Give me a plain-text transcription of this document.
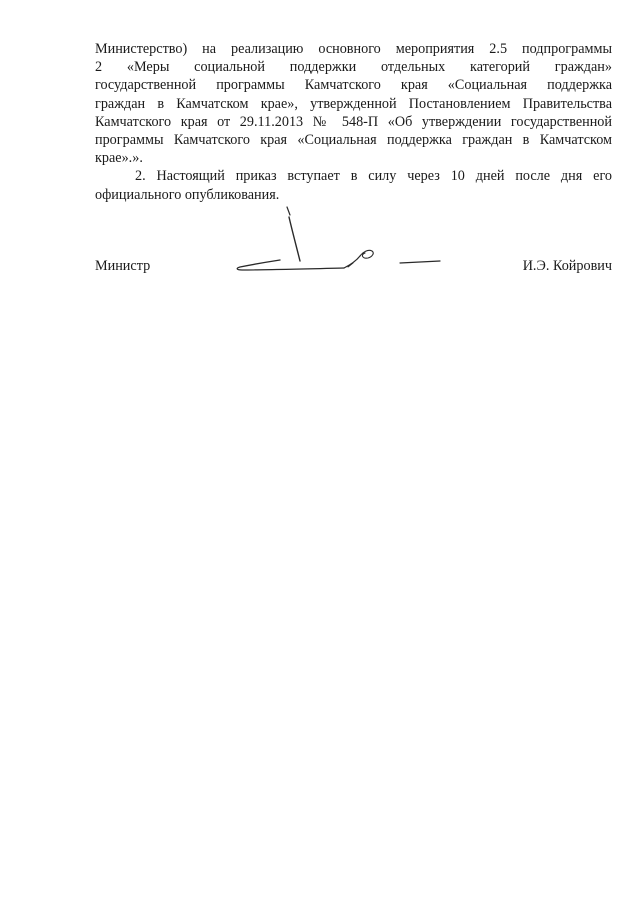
Министерство) на реализацию основного мероприятия 2.5 подпрограммы
2 «Меры социальной поддержки отдельных категорий граждан»
государственной программы Камчатского края «Социальная поддержка
граждан в Камчатском крае», утвержденной Постановлением Правительства
Камчатского края от 29.11.2013 № 548-П «Об утверждении государственной
программы Камчатского края «Социальная поддержка граждан в Камчатском
крае».».
2. Настоящий приказ вступает в силу через 10 дней после дня его
официального опубликования.
Министр	И.Э. Койрович
